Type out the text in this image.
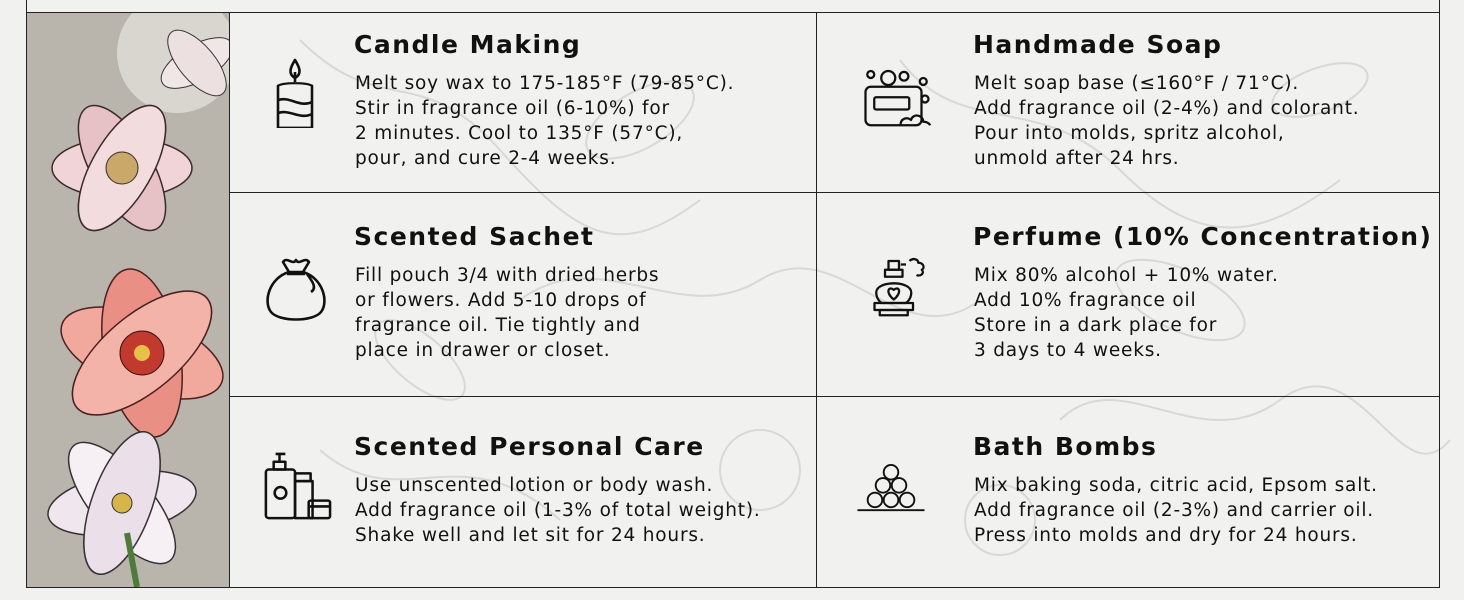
Candle Making
Melt soy wax to 175-185°F (79-85°C).
Stir in fragrance oil (6-10%) for
2 minutes. Cool to 135°F (57°C),
pour, and cure 2-4 weeks.
Handmade Soap
Melt soap base (≤160°F / 71°C).
Add fragrance oil (2-4%) and colorant.
Pour into molds, spritz alcohol,
unmold after 24 hrs.
Scented Sachet
Fill pouch 3/4 with dried herbs
or flowers. Add 5-10 drops of
fragrance oil. Tie tightly and
place in drawer or closet.
Perfume (10% Concentration)
Mix 80% alcohol + 10% water.
Add 10% fragrance oil
Store in a dark place for
3 days to 4 weeks.
Scented Personal Care
Use unscented lotion or body wash.
Add fragrance oil (1-3% of total weight).
Shake well and let sit for 24 hours.
Bath Bombs
Mix baking soda, citric acid, Epsom salt.
Add fragrance oil (2-3%) and carrier oil.
Press into molds and dry for 24 hours.
